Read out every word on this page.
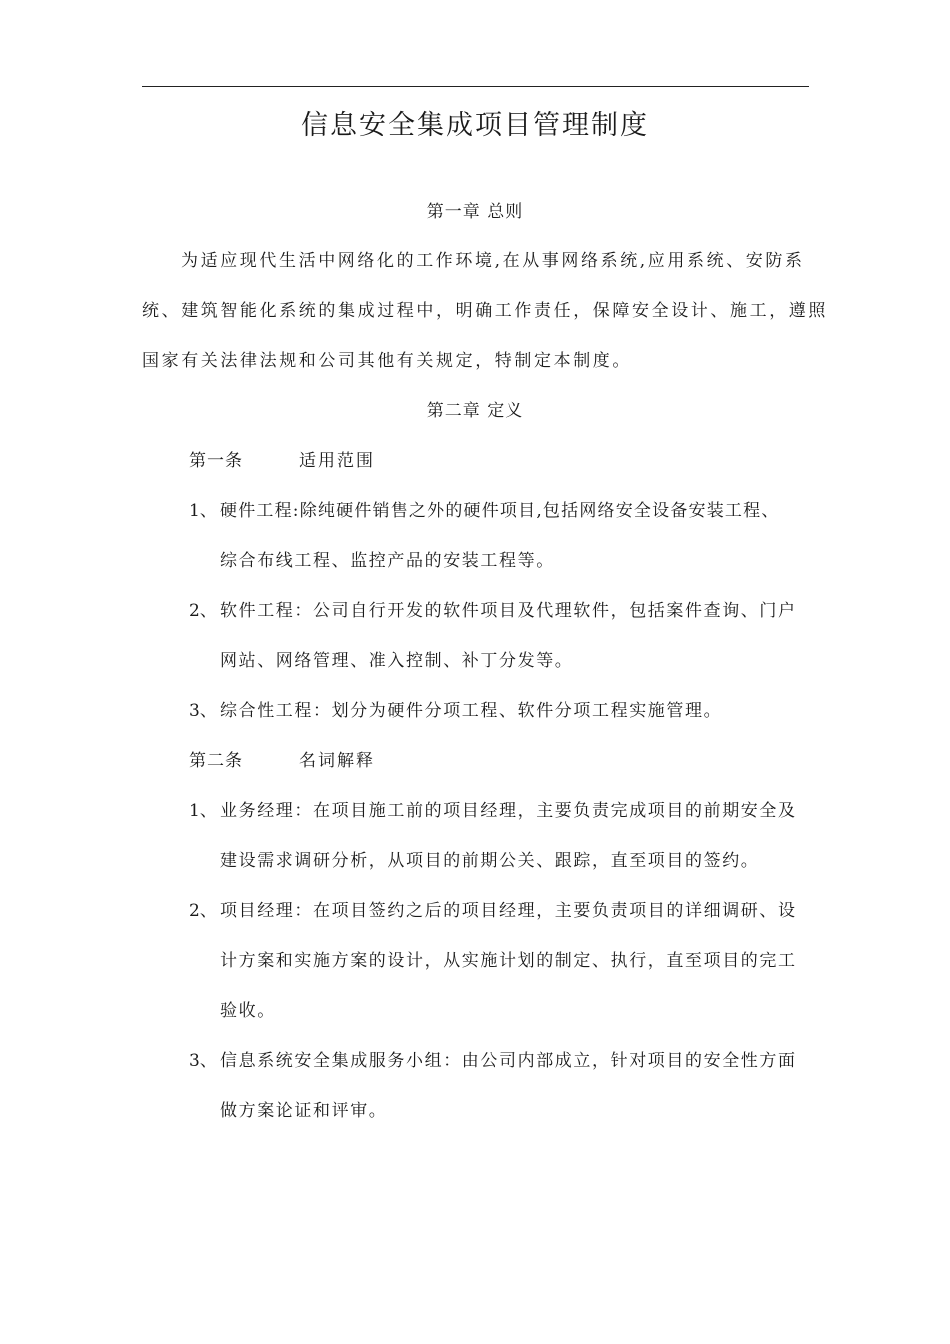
信息安全集成项目管理制度
第一章 总则
为适应现代生活中网络化的工作环境,在从事网络系统,应用系统、安防系
统、建筑智能化系统的集成过程中，明确工作责任，保障安全设计、施工，遵照
国家有关法律法规和公司其他有关规定，特制定本制度。
第二章 定义
第一条	适用范围
1、 硬件工程:除纯硬件销售之外的硬件项目,包括网络安全设备安装工程、
综合布线工程、监控产品的安装工程等。
2、 软件工程：公司自行开发的软件项目及代理软件，包括案件查询、门户
网站、网络管理、准入控制、补丁分发等。
3、 综合性工程：划分为硬件分项工程、软件分项工程实施管理。
第二条	名词解释
1、 业务经理：在项目施工前的项目经理，主要负责完成项目的前期安全及
建设需求调研分析，从项目的前期公关、跟踪，直至项目的签约。
2、 项目经理：在项目签约之后的项目经理，主要负责项目的详细调研、设
计方案和实施方案的设计，从实施计划的制定、执行，直至项目的完工
验收。
3、 信息系统安全集成服务小组：由公司内部成立，针对项目的安全性方面
做方案论证和评审。
